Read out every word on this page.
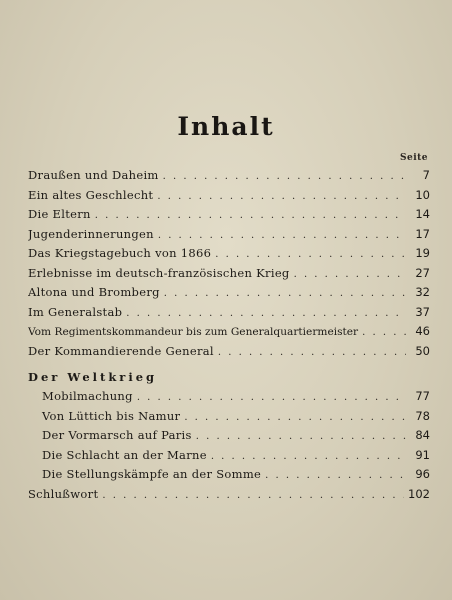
Inhalt
Seite
Draußen und Daheim . . .	7
Ein altes Geschlecht . . .	10
Die Eltern . . .	14
Jugenderinnerungen . . .	17
Das Kriegstagebuch von 1866 . . .	19
Erlebnisse im deutsch-französischen Krieg . . .	27
Altona und Bromberg . . .	32
Im Generalstab . . .	37
Vom Regimentskommandeur bis zum Generalquartiermeister . . .	46
Der Kommandierende General . . .	50
Der Weltkrieg
Mobilmachung . . .	77
Von Lüttich bis Namur . . .	78
Der Vormarsch auf Paris . . .	84
Die Schlacht an der Marne . . .	91
Die Stellungskämpfe an der Somme . . .	96
Schlußwort . . .	102
